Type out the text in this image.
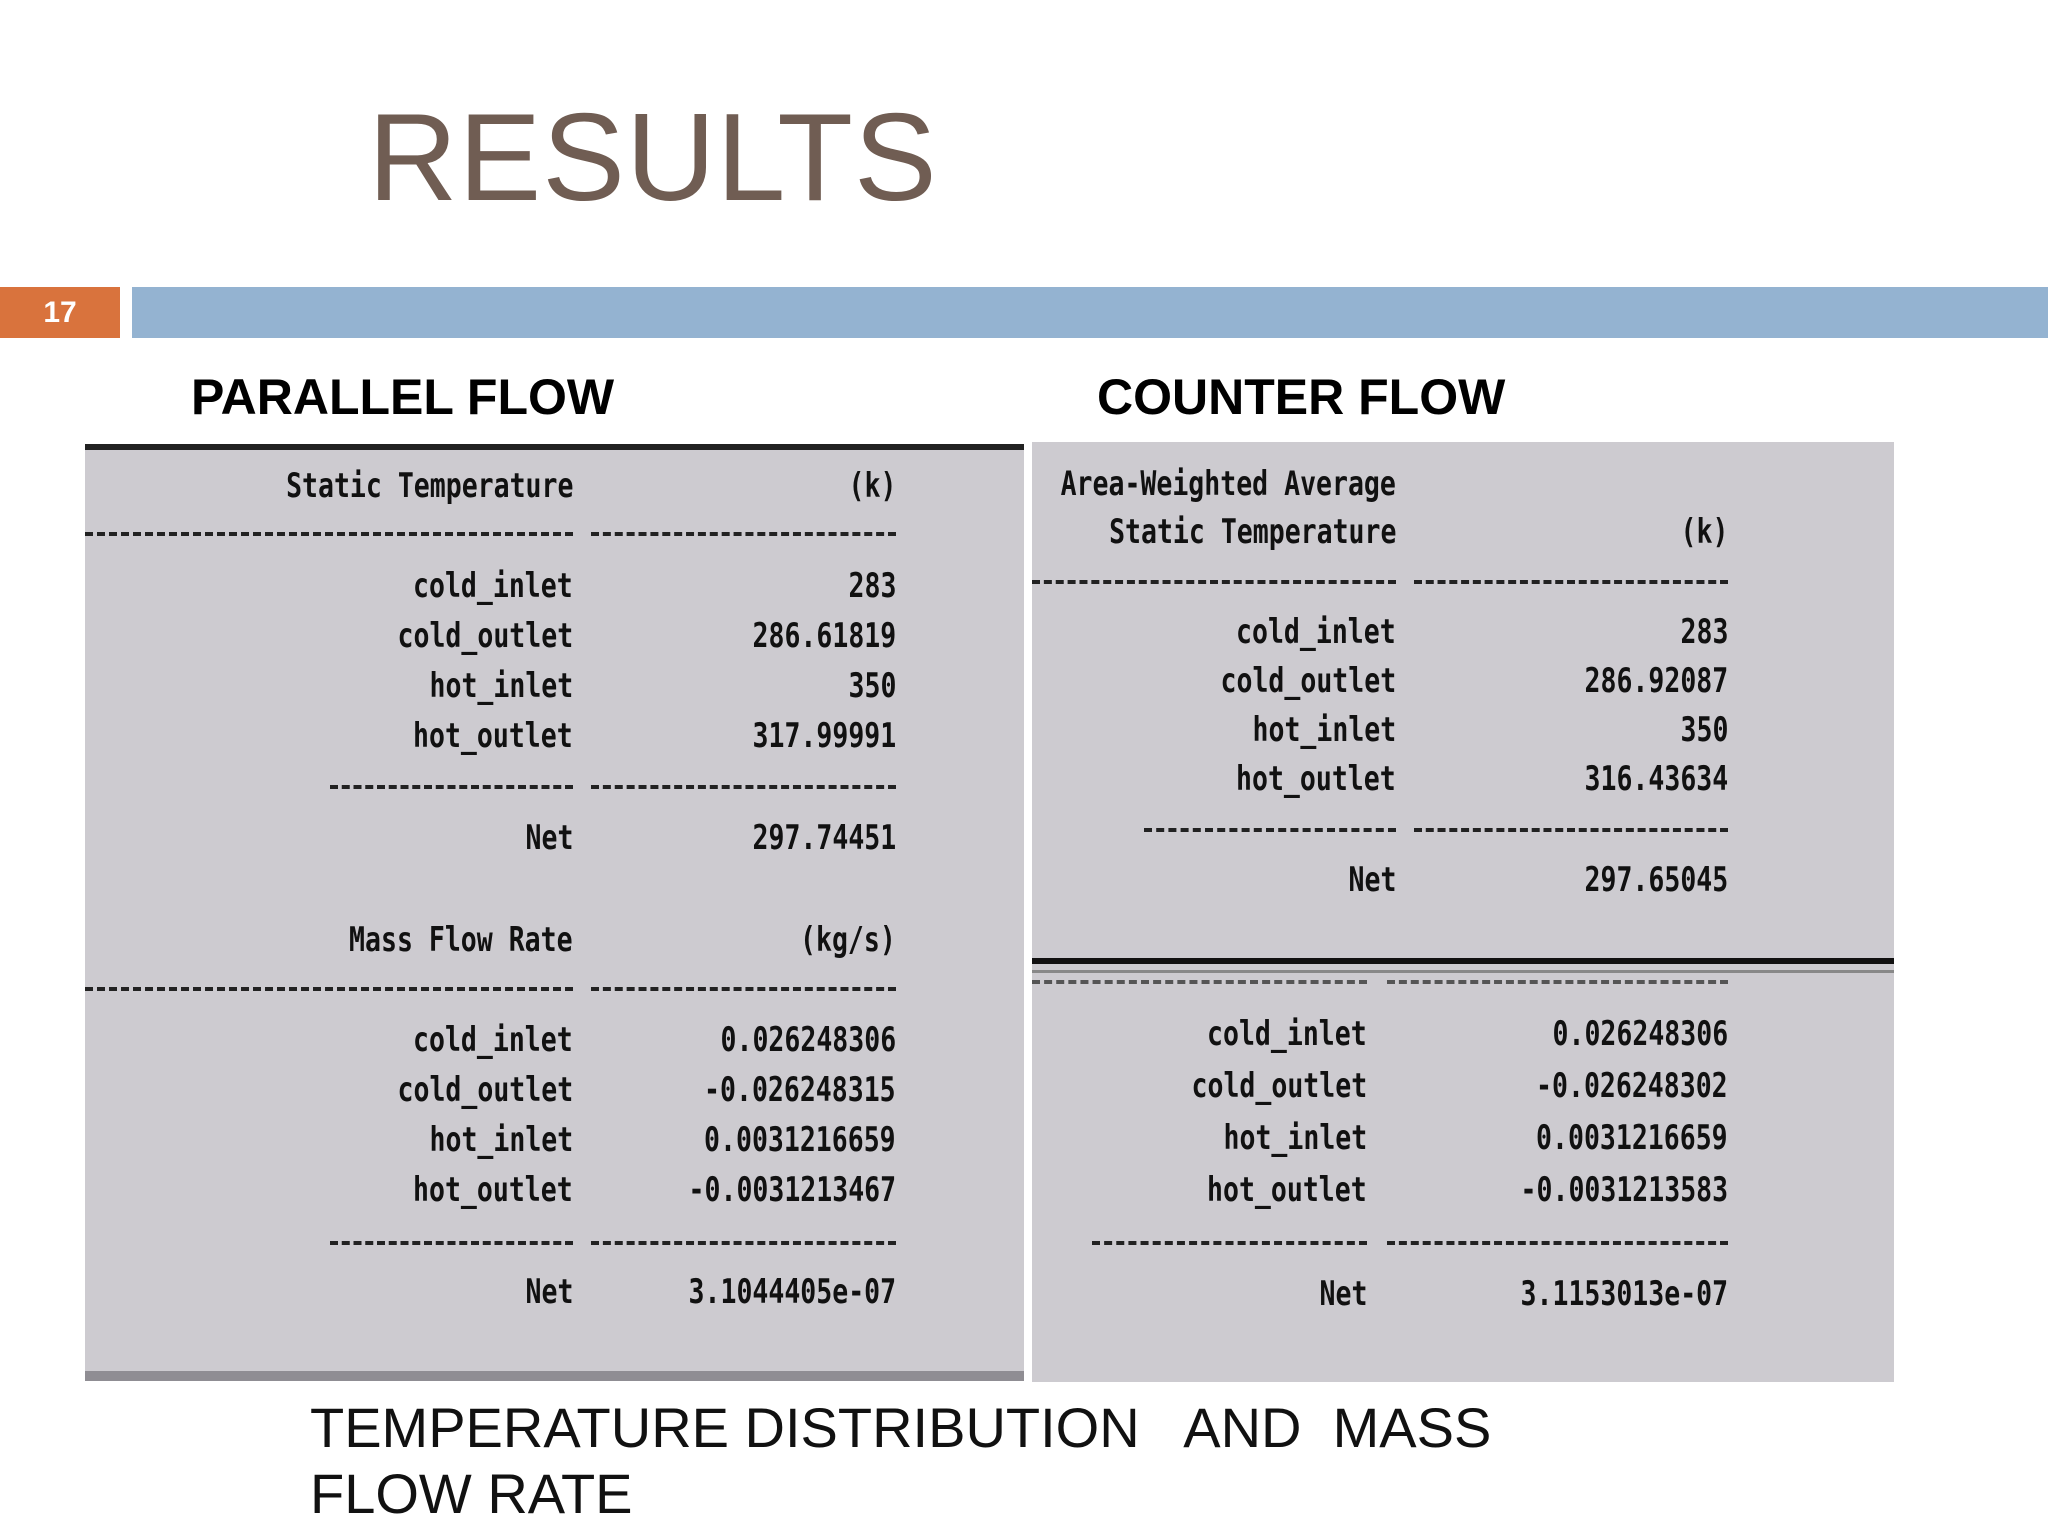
RESULTS
17
PARALLEL FLOW	COUNTER FLOW
Static Temperature	(k)
cold_inlet	283
cold_outlet	286.61819
hot_inlet	350
hot_outlet	317.99991
Net	297.74451
Mass Flow Rate	(kg/s)
cold_inlet	0.026248306
cold_outlet	-0.026248315
hot_inlet	0.0031216659
hot_outlet	-0.0031213467
Net	3.1044405e-07
Area-Weighted Average
Static Temperature	(k)
cold_inlet	283
cold_outlet	286.92087
hot_inlet	350
hot_outlet	316.43634
Net	297.65045
cold_inlet	0.026248306
cold_outlet	-0.026248302
hot_inlet	0.0031216659
hot_outlet	-0.0031213583
Net	3.1153013e-07
TEMPERATURE DISTRIBUTION   AND  MASS
FLOW RATE
